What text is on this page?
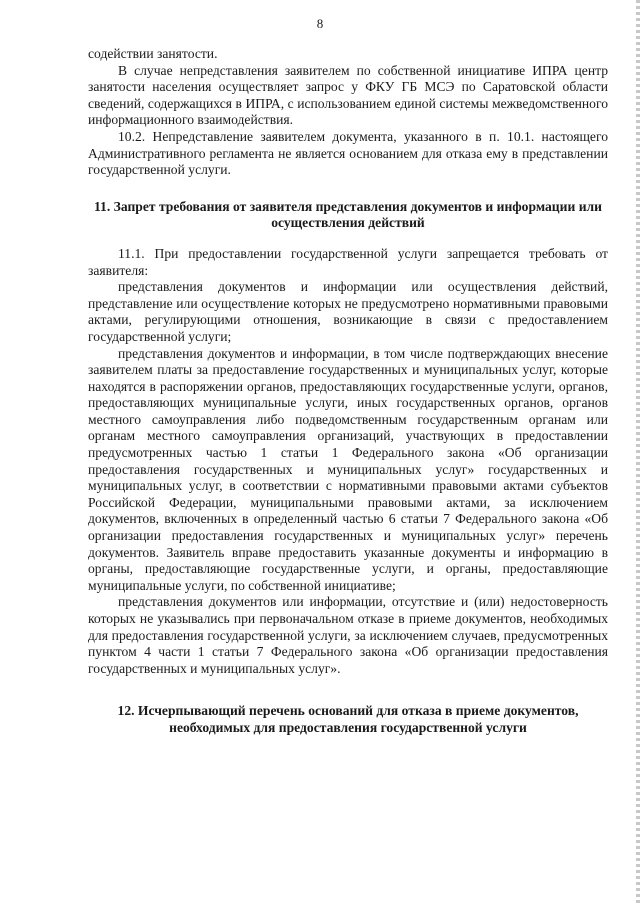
8

содействии занятости.

В случае непредставления заявителем по собственной инициативе ИПРА центр занятости населения осуществляет запрос у ФКУ ГБ МСЭ по Саратовской области сведений, содержащихся в ИПРА, с использованием единой системы межведомственного информационного взаимодействия.

10.2. Непредставление заявителем документа, указанного в п. 10.1. настоящего Административного регламента не является основанием для отказа ему в представлении государственной услуги.

11. Запрет требования от заявителя представления документов и информации или осуществления действий

11.1. При предоставлении государственной услуги запрещается требовать от заявителя:

представления документов и информации или осуществления действий, представление или осуществление которых не предусмотрено нормативными правовыми актами, регулирующими отношения, возникающие в связи с предоставлением государственной услуги;

представления документов и информации, в том числе подтверждающих внесение заявителем платы за предоставление государственных и муниципальных услуг, которые находятся в распоряжении органов, предоставляющих государственные услуги, органов, предоставляющих муниципальные услуги, иных государственных органов, органов местного самоуправления либо подведомственным государственным органам или органам местного самоуправления организаций, участвующих в предоставлении предусмотренных частью 1 статьи 1 Федерального закона «Об организации предоставления государственных и муниципальных услуг» государственных и муниципальных услуг, в соответствии с нормативными правовыми актами субъектов Российской Федерации, муниципальными правовыми актами, за исключением документов, включенных в определенный частью 6 статьи 7 Федерального закона «Об организации предоставления государственных и муниципальных услуг» перечень документов. Заявитель вправе предоставить указанные документы и информацию в органы, предоставляющие государственные услуги, и органы, предоставляющие муниципальные услуги, по собственной инициативе;

представления документов или информации, отсутствие и (или) недостоверность которых не указывались при первоначальном отказе в приеме документов, необходимых для предоставления государственной услуги, за исключением случаев, предусмотренных пунктом 4 части 1 статьи 7 Федерального закона «Об организации предоставления государственных и муниципальных услуг».

12. Исчерпывающий перечень оснований для отказа в приеме документов, необходимых для предоставления государственной услуги
